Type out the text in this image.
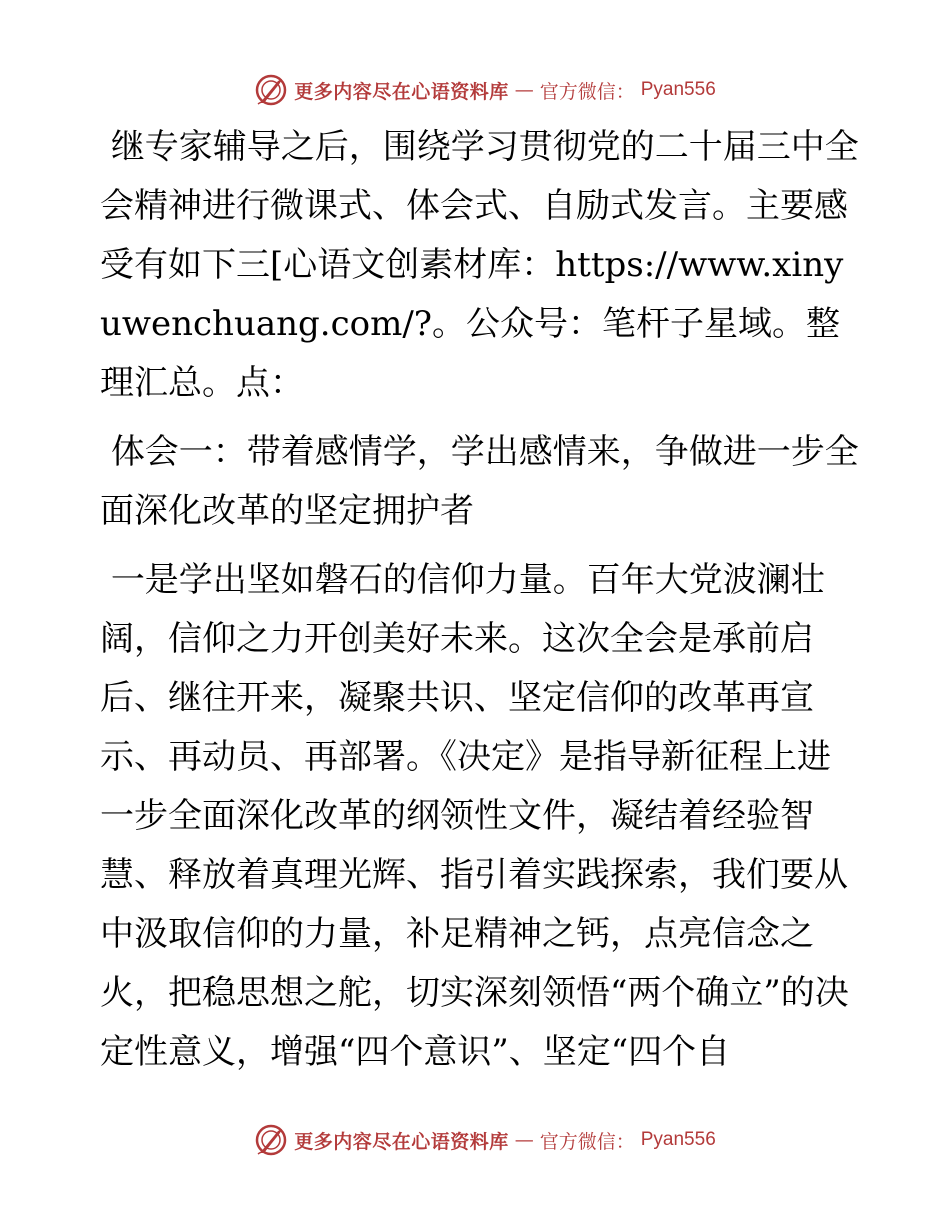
更多内容尽在心语资料库 — 官方微信： Pyan556

继专家辅导之后，围绕学习贯彻党的二十届三中全会精神进行微课式、体会式、自励式发言。主要感受有如下三[心语文创素材库：https://www.xinyuwenchuang.com/?。公众号：笔杆子星域。整理汇总。点：

体会一：带着感情学，学出感情来，争做进一步全面深化改革的坚定拥护者

一是学出坚如磐石的信仰力量。百年大党波澜壮阔，信仰之力开创美好未来。这次全会是承前启后、继往开来，凝聚共识、坚定信仰的改革再宣示、再动员、再部署。《决定》是指导新征程上进一步全面深化改革的纲领性文件，凝结着经验智慧、释放着真理光辉、指引着实践探索，我们要从中汲取信仰的力量，补足精神之钙，点亮信念之火，把稳思想之舵，切实深刻领悟“两个确立”的决定性意义，增强“四个意识”、坚定“四个自

更多内容尽在心语资料库 — 官方微信： Pyan556
